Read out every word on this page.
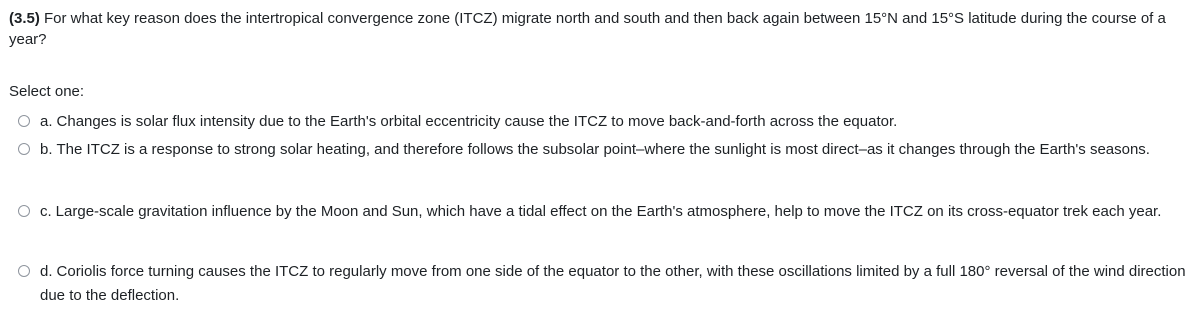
(3.5) For what key reason does the intertropical convergence zone (ITCZ) migrate north and south and then back again between 15°N and 15°S latitude during the course of a year?
Select one:
a. Changes is solar flux intensity due to the Earth's orbital eccentricity cause the ITCZ to move back-and-forth across the equator.
b. The ITCZ is a response to strong solar heating, and therefore follows the subsolar point–where the sunlight is most direct–as it changes through the Earth's seasons.
c. Large-scale gravitation influence by the Moon and Sun, which have a tidal effect on the Earth's atmosphere, help to move the ITCZ on its cross-equator trek each year.
d. Coriolis force turning causes the ITCZ to regularly move from one side of the equator to the other, with these oscillations limited by a full 180° reversal of the wind direction due to the deflection.
